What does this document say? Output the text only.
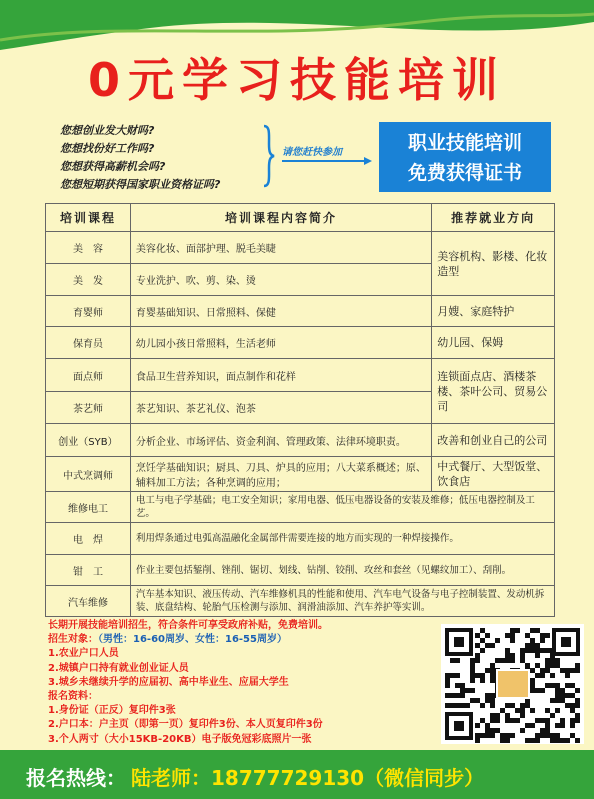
0元学习技能培训
您想创业发大财吗?
您想找份好工作吗?
您想获得高薪机会吗?
您想短期获得国家职业资格证吗?
请您赶快参加	职业技能培训
免费获得证书
培训课程	培训课程内容简介	推荐就业方向
美　容	美容化妆、面部护理、脱毛美睫	美容机构、影楼、化妆造型
美　发	专业洗护、吹、剪、染、烫	
育婴师	育婴基础知识、日常照料、保健	月嫂、家庭特护
保育员	幼儿园小孩日常照料，生活老师	幼儿园、保姆
面点师	食品卫生营养知识，面点制作和花样	连锁面点店、酒楼茶楼、茶叶公司、贸易公司
茶艺师	茶艺知识、茶艺礼仪、泡茶	
创业（SYB）	分析企业、市场评估、资金利润、管理政策、法律环境职责。	改善和创业自己的公司
中式烹调师	烹饪学基础知识；厨具、刀具、炉具的应用；八大菜系概述；原、辅料加工方法；各种烹调的应用；	中式餐厅、大型饭堂、饮食店
维修电工	电工与电子学基础；电工安全知识；家用电器、低压电器设备的安装及维修；低压电器控制及工艺。	
电　焊	利用焊条通过电弧高温融化金属部件需要连接的地方而实现的一种焊接操作。	
钳　工	作业主要包括錾削、锉削、锯切、划线、钻削、铰削、攻丝和套丝（见螺纹加工）、刮削。	
汽车维修	汽车基本知识、液压传动、汽车维修机具的性能和使用、汽车电气设备与电子控制装置、发动机拆装、底盘结构、轮胎气压检测与添加、润滑油添加、汽车养护等实训。	
长期开展技能培训招生，符合条件可享受政府补贴，免费培训。
招生对象：（男性：16-60周岁、女性：16-55周岁）
1.农业户口人员
2.城镇户口持有就业创业证人员
3.城乡未继续升学的应届初、高中毕业生、应届大学生
报名资料：
1.身份证（正反）复印件3张
2.户口本：户主页（即第一页）复印件3份、本人页复印件3份
3.个人两寸（大小15KB-20KB）电子版免冠彩底照片一张
报名热线： 陆老师：18777729130（微信同步）
